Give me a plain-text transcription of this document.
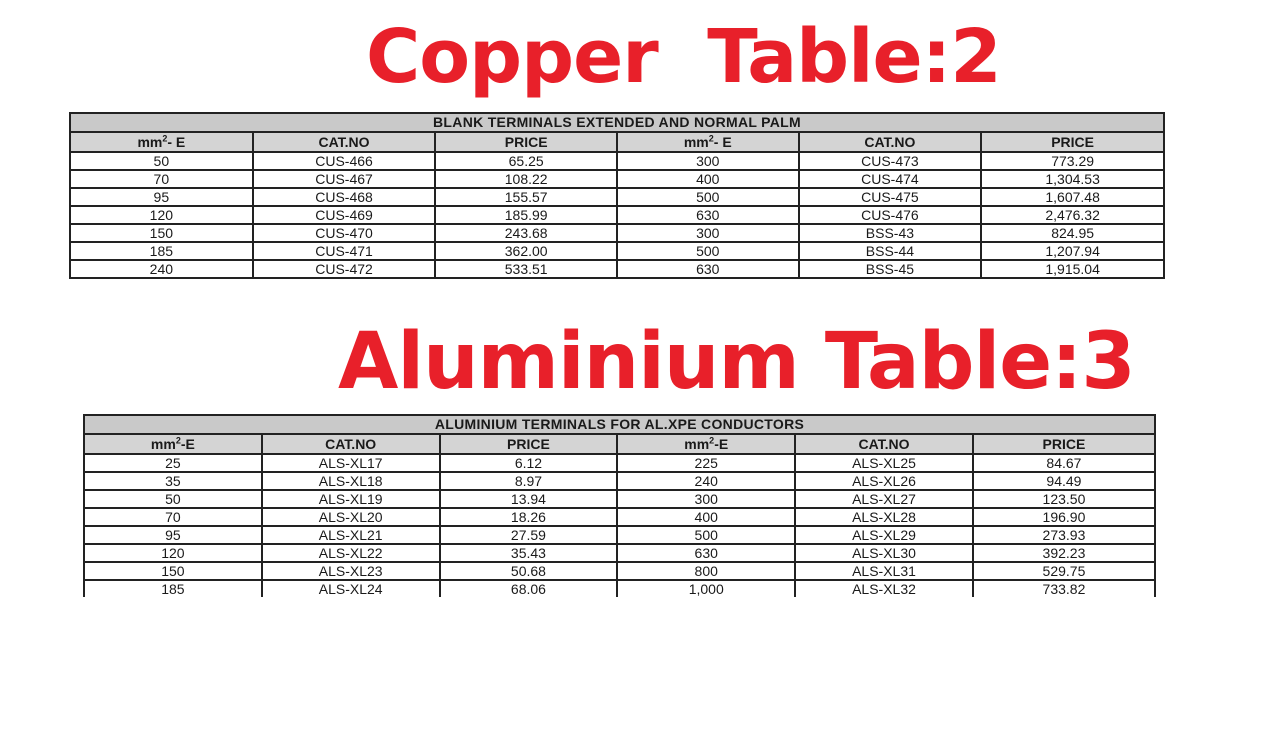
Copper  Table:2
BLANK TERMINALS EXTENDED AND NORMAL PALM					
$mm^2-$ E	CAT.NO	PRICE	$mm^2-$ E	CAT.NO	PRICE
50	CUS-466	65.25	300	CUS-473	773.29
70	CUS-467	108.22	400	CUS-474	1,304.53
95	CUS-468	155.57	500	CUS-475	1,607.48
120	CUS-469	185.99	630	CUS-476	2,476.32
150	CUS-470	243.68	300	BSS-43	824.95
185	CUS-471	362.00	500	BSS-44	1,207.94
240	CUS-472	533.51	630	BSS-45	1,915.04
Aluminium Table:3
ALUMINIUM TERMINALS FOR AL.XPE CONDUCTORS					
$mm^2-E$	CAT.NO	PRICE	$mm^2-E$	CAT.NO	PRICE
25	ALS-XL17	6.12	225	ALS-XL25	84.67
35	ALS-XL18	8.97	240	ALS-XL26	94.49
50	ALS-XL19	13.94	300	ALS-XL27	123.50
70	ALS-XL20	18.26	400	ALS-XL28	196.90
95	ALS-XL21	27.59	500	ALS-XL29	273.93
120	ALS-XL22	35.43	630	ALS-XL30	392.23
150	ALS-XL23	50.68	800	ALS-XL31	529.75
185	ALS-XL24	68.06	1,000	ALS-XL32	733.82
